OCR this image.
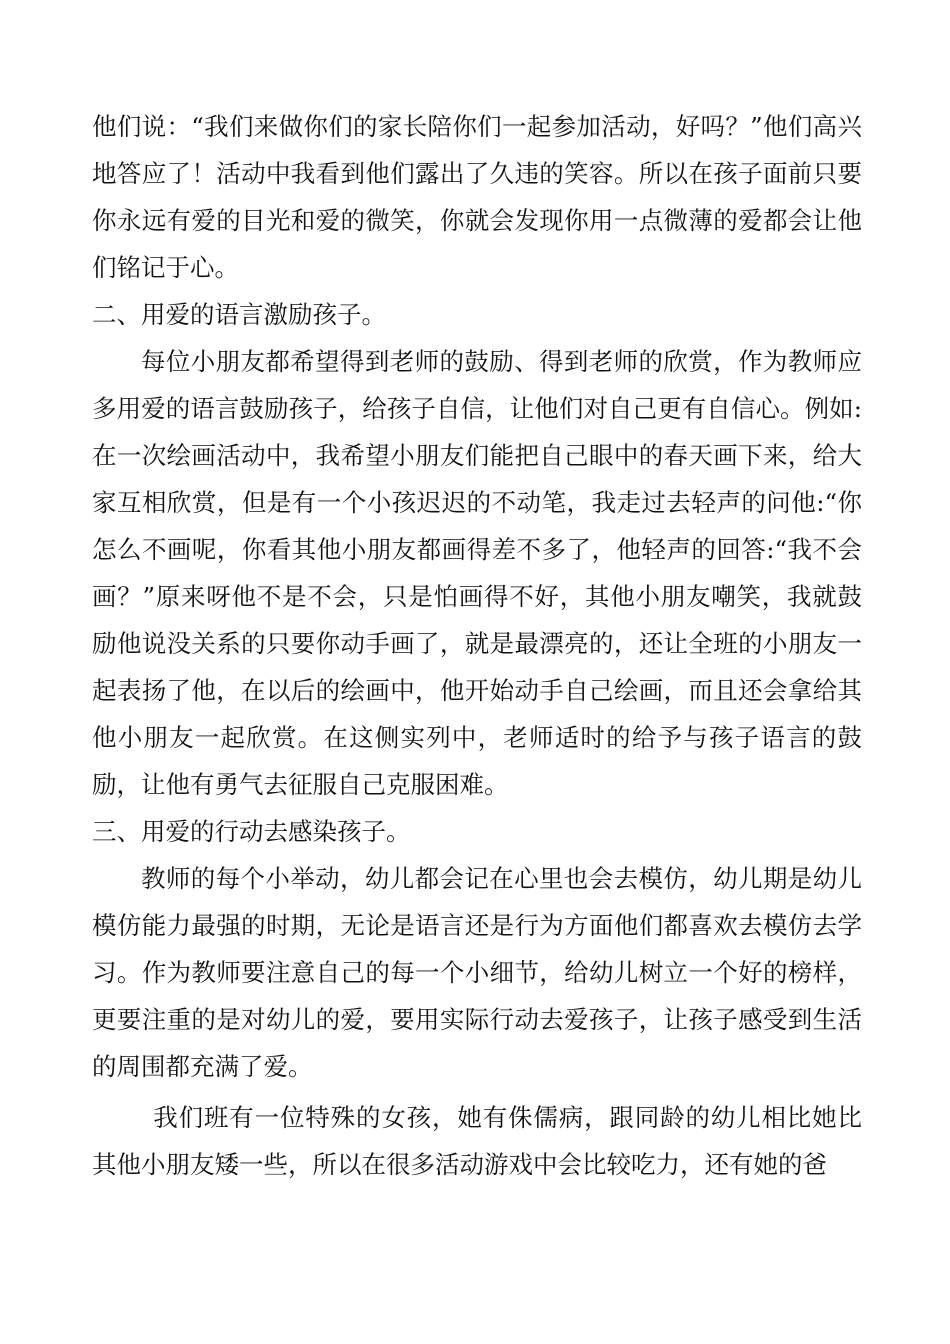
他们说：“我们来做你们的家长陪你们一起参加活动，好吗？”他们高兴地答应了！活动中我看到他们露出了久违的笑容。所以在孩子面前只要你永远有爱的目光和爱的微笑，你就会发现你用一点微薄的爱都会让他们铭记于心。

二、用爱的语言激励孩子。

每位小朋友都希望得到老师的鼓励、得到老师的欣赏，作为教师应多用爱的语言鼓励孩子，给孩子自信，让他们对自己更有自信心。例如:在一次绘画活动中，我希望小朋友们能把自己眼中的春天画下来，给大家互相欣赏，但是有一个小孩迟迟的不动笔，我走过去轻声的问他:“你怎么不画呢，你看其他小朋友都画得差不多了，他轻声的回答:“我不会画？”原来呀他不是不会，只是怕画得不好，其他小朋友嘲笑，我就鼓励他说没关系的只要你动手画了，就是最漂亮的，还让全班的小朋友一起表扬了他，在以后的绘画中，他开始动手自己绘画，而且还会拿给其他小朋友一起欣赏。在这侧实列中，老师适时的给予与孩子语言的鼓励，让他有勇气去征服自己克服困难。

三、用爱的行动去感染孩子。

教师的每个小举动，幼儿都会记在心里也会去模仿，幼儿期是幼儿模仿能力最强的时期，无论是语言还是行为方面他们都喜欢去模仿去学习。作为教师要注意自己的每一个小细节，给幼儿树立一个好的榜样，更要注重的是对幼儿的爱，要用实际行动去爱孩子，让孩子感受到生活的周围都充满了爱。

我们班有一位特殊的女孩，她有侏儒病，跟同龄的幼儿相比她比其他小朋友矮一些，所以在很多活动游戏中会比较吃力，还有她的爸
